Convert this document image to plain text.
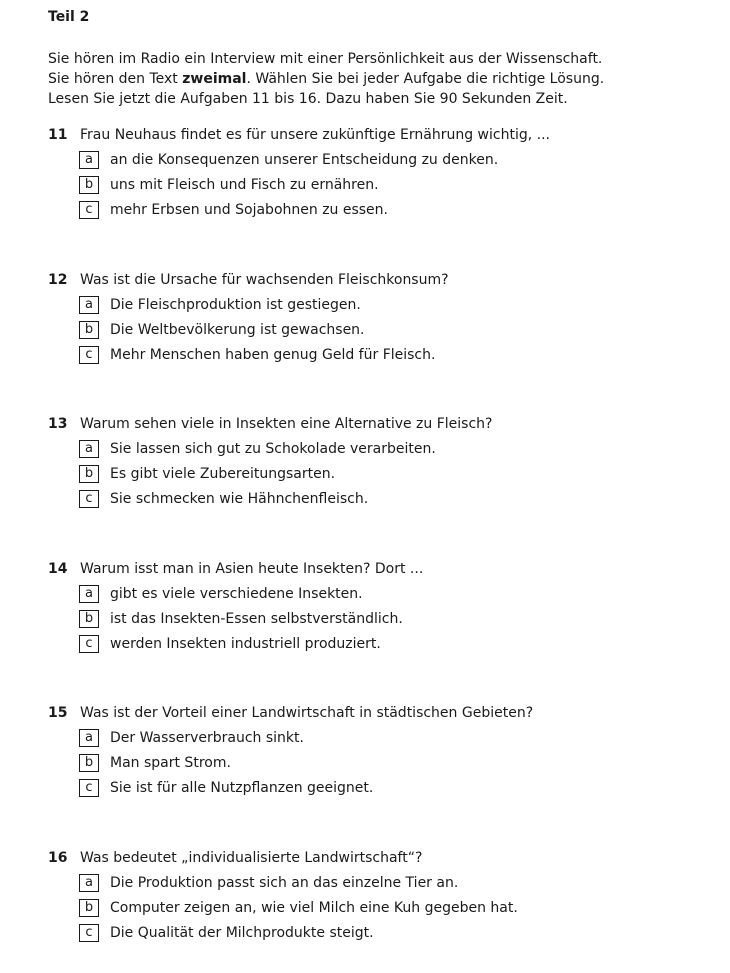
Teil 2
Sie hören im Radio ein Interview mit einer Persönlichkeit aus der Wissenschaft.
Sie hören den Text zweimal. Wählen Sie bei jeder Aufgabe die richtige Lösung.
Lesen Sie jetzt die Aufgaben 11 bis 16. Dazu haben Sie 90 Sekunden Zeit.
11 Frau Neuhaus findet es für unsere zukünftige Ernährung wichtig, ...
a	an die Konsequenzen unserer Entscheidung zu denken.
b	uns mit Fleisch und Fisch zu ernähren.
c	mehr Erbsen und Sojabohnen zu essen.
12 Was ist die Ursache für wachsenden Fleischkonsum?
a	Die Fleischproduktion ist gestiegen.
b	Die Weltbevölkerung ist gewachsen.
c	Mehr Menschen haben genug Geld für Fleisch.
13 Warum sehen viele in Insekten eine Alternative zu Fleisch?
a	Sie lassen sich gut zu Schokolade verarbeiten.
b	Es gibt viele Zubereitungsarten.
c	Sie schmecken wie Hähnchenfleisch.
14 Warum isst man in Asien heute Insekten? Dort ...
a	gibt es viele verschiedene Insekten.
b	ist das Insekten-Essen selbstverständlich.
c	werden Insekten industriell produziert.
15 Was ist der Vorteil einer Landwirtschaft in städtischen Gebieten?
a	Der Wasserverbrauch sinkt.
b	Man spart Strom.
c	Sie ist für alle Nutzpflanzen geeignet.
16 Was bedeutet „individualisierte Landwirtschaft“?
a	Die Produktion passt sich an das einzelne Tier an.
b	Computer zeigen an, wie viel Milch eine Kuh gegeben hat.
c	Die Qualität der Milchprodukte steigt.
